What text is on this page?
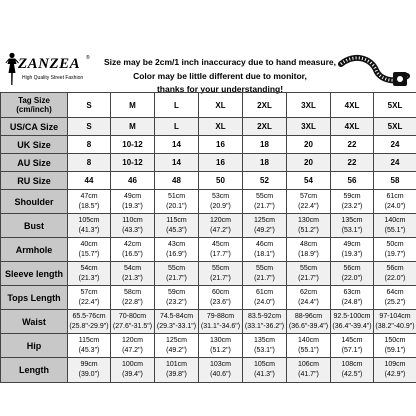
ZANZEA ®
High Quality Street Fashion
Size may be 2cm/1 inch inaccuracy due to hand measure,
Color may be little different due to monitor,
thanks for your understanding!
Tag Size
(cm/inch)	S	M	L	XL	2XL	3XL	4XL	5XL
US/CA Size	S	M	L	XL	2XL	3XL	4XL	5XL
UK Size	8	10-12	14	16	18	20	22	24
AU Size	8	10-12	14	16	18	20	22	24
RU Size	44	46	48	50	52	54	56	58
Shoulder	47cm
(18.5")	49cm
(19.3")	51cm
(20.1")	53cm
(20.9")	55cm
(21.7")	57cm
(22.4")	59cm
(23.2")	61cm
(24.0")

Bust	105cm
(41.3")	110cm
(43.3")	115cm
(45.3")	120cm
(47.2")	125cm
(49.2")	130cm
(51.2")	135cm
(53.1")	140cm
(55.1")

Armhole	40cm
(15.7")	42cm
(16.5")	43cm
(16.9")	45cm
(17.7")	46cm
(18.1")	48cm
(18.9")	49cm
(19.3")	50cm
(19.7")

Sleeve length	54cm
(21.3")	54cm
(21.3")	55cm
(21.7")	55cm
(21.7")	55cm
(21.7")	55cm
(21.7")	56cm
(22.0")	56cm
(22.0")

Tops Length	57cm
(22.4")	58cm
(22.8")	59cm
(23.2")	60cm
(23.6")	61cm
(24.0")	62cm
(24.4")	63cm
(24.8")	64cm
(25.2")

Waist	65.5-76cm
(25.8"-29.9")	70-80cm
(27.6"-31.5")	74.5-84cm
(29.3"-33.1")	79-88cm
(31.1"-34.6")	83.5-92cm
(33.1"-36.2")	88-96cm
(36.6"-39.4")	92.5-100cm
(36.4"-39.4")	97-104cm
(38.2"-40.9")

Hip	115cm
(45.3")	120cm
(47.2")	125cm
(49.2")	130cm
(51.2")	135cm
(53.1")	140cm
(55.1")	145cm
(57.1")	150cm
(59.1")

Length	99cm
(39.0")	100cm
(39.4")	101cm
(39.8")	103cm
(40.6")	105cm
(41.3")	106cm
(41.7")	108cm
(42.5")	109cm
(42.9")
